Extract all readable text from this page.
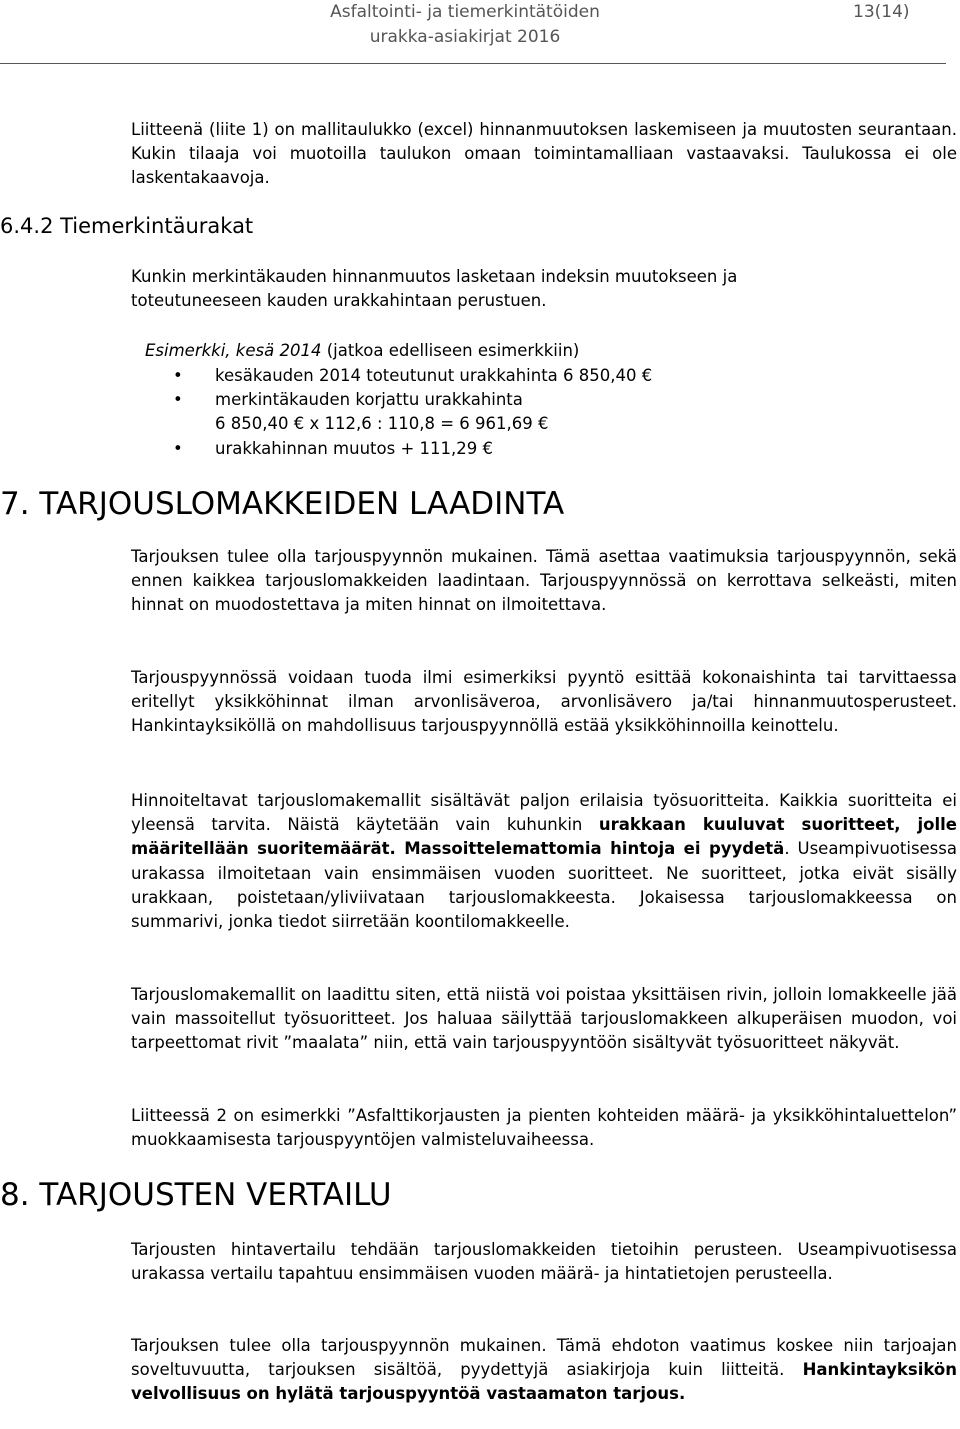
Asfaltointi- ja tiemerkintätöiden
urakka-asiakirjat 2016
13(14)

Liitteenä (liite 1) on mallitaulukko (excel) hinnanmuutoksen laskemiseen ja muutosten seurantaan. Kukin tilaaja voi muotoilla taulukon omaan toimintamalliaan vastaavaksi. Taulukossa ei ole laskentakaavoja.

6.4.2 Tiemerkintäurakat

Kunkin merkintäkauden hinnanmuutos lasketaan indeksin muutokseen ja toteutuneeseen kauden urakkahintaan perustuen.

Esimerkki, kesä 2014 (jatkoa edelliseen esimerkkiin)

• kesäkauden 2014 toteutunut urakkahinta 6 850,40 €
• merkintäkauden korjattu urakkahinta
6 850,40 € x 112,6 : 110,8 = 6 961,69 €
• urakkahinnan muutos + 111,29 €
7. TARJOUSLOMAKKEIDEN LAADINTA

Tarjouksen tulee olla tarjouspyynnön mukainen. Tämä asettaa vaatimuksia tarjouspyynnön, sekä ennen kaikkea tarjouslomakkeiden laadintaan. Tarjouspyynnössä on kerrottava selkeästi, miten hinnat on muodostettava ja miten hinnat on ilmoitettava.

Tarjouspyynnössä voidaan tuoda ilmi esimerkiksi pyyntö esittää kokonaishinta tai tarvittaessa eritellyt yksikköhinnat ilman arvonlisäveroa, arvonlisävero ja/tai hinnanmuutosperusteet. Hankintayksiköllä on mahdollisuus tarjouspyynnöllä estää yksikköhinnoilla keinottelu.

Hinnoiteltavat tarjouslomakemallit sisältävät paljon erilaisia työsuoritteita. Kaikkia suoritteita ei yleensä tarvita. Näistä käytetään vain kuhunkin urakkaan kuuluvat suoritteet, jolle määritellään suoritemäärät. Massoittelemattomia hintoja ei pyydetä. Useampivuotisessa urakassa ilmoitetaan vain ensimmäisen vuoden suoritteet. Ne suoritteet, jotka eivät sisälly urakkaan, poistetaan/yliviivataan tarjouslomakkeesta. Jokaisessa tarjouslomakkeessa on summarivi, jonka tiedot siirretään koontilomakkeelle.

Tarjouslomakemallit on laadittu siten, että niistä voi poistaa yksittäisen rivin, jolloin lomakkeelle jää vain massoitellut työsuoritteet. Jos haluaa säilyttää tarjouslomakkeen alkuperäisen muodon, voi tarpeettomat rivit ”maalata” niin, että vain tarjouspyyntöön sisältyvät työsuoritteet näkyvät.

Liitteessä 2 on esimerkki ”Asfalttikorjausten ja pienten kohteiden määrä- ja yksikköhintaluettelon” muokkaamisesta tarjouspyyntöjen valmisteluvaiheessa.

8. TARJOUSTEN VERTAILU

Tarjousten hintavertailu tehdään tarjouslomakkeiden tietoihin perusteen. Useampivuotisessa urakassa vertailu tapahtuu ensimmäisen vuoden määrä- ja hintatietojen perusteella.

Tarjouksen tulee olla tarjouspyynnön mukainen. Tämä ehdoton vaatimus koskee niin tarjoajan soveltuvuutta, tarjouksen sisältöä, pyydettyjä asiakirjoja kuin liitteitä. Hankintayksikön velvollisuus on hylätä tarjouspyyntöä vastaamaton tarjous.
